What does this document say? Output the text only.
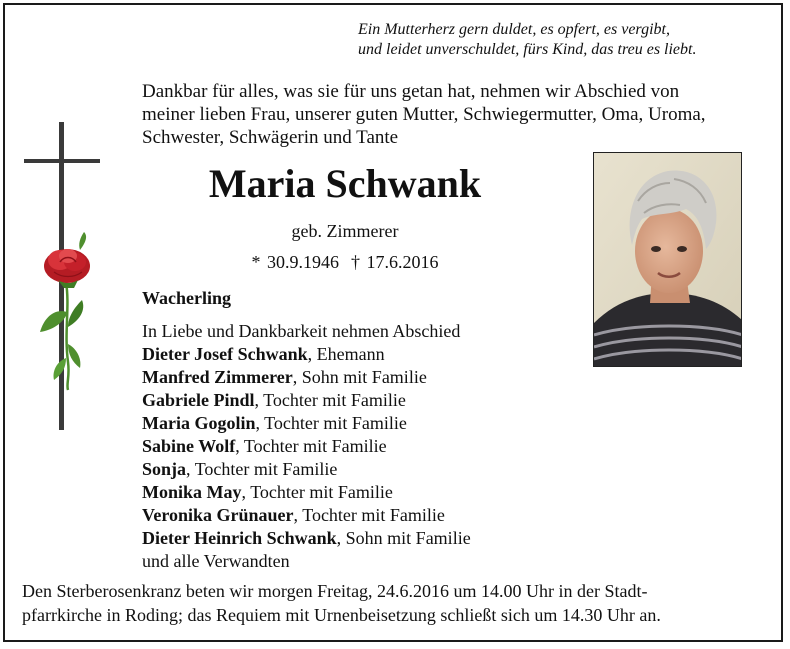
Ein Mutterherz gern duldet, es opfert, es vergibt,
und leidet unverschuldet, fürs Kind, das treu es liebt.
Dankbar für alles, was sie für uns getan hat, nehmen wir Abschied von
meiner lieben Frau, unserer guten Mutter, Schwiegermutter, Oma, Uroma,
Schwester, Schwägerin und Tante
Maria Schwank
geb. Zimmerer
* 30.9.1946 † 17.6.2016
Wacherling
In Liebe und Dankbarkeit nehmen Abschied
Dieter Josef Schwank, Ehemann
Manfred Zimmerer, Sohn mit Familie
Gabriele Pindl, Tochter mit Familie
Maria Gogolin, Tochter mit Familie
Sabine Wolf, Tochter mit Familie
Sonja, Tochter mit Familie
Monika May, Tochter mit Familie
Veronika Grünauer, Tochter mit Familie
Dieter Heinrich Schwank, Sohn mit Familie
und alle Verwandten
Den Sterberosenkranz beten wir morgen Freitag, 24.6.2016 um 14.00 Uhr in der Stadt-
pfarrkirche in Roding; das Requiem mit Urnenbeisetzung schließt sich um 14.30 Uhr an.
